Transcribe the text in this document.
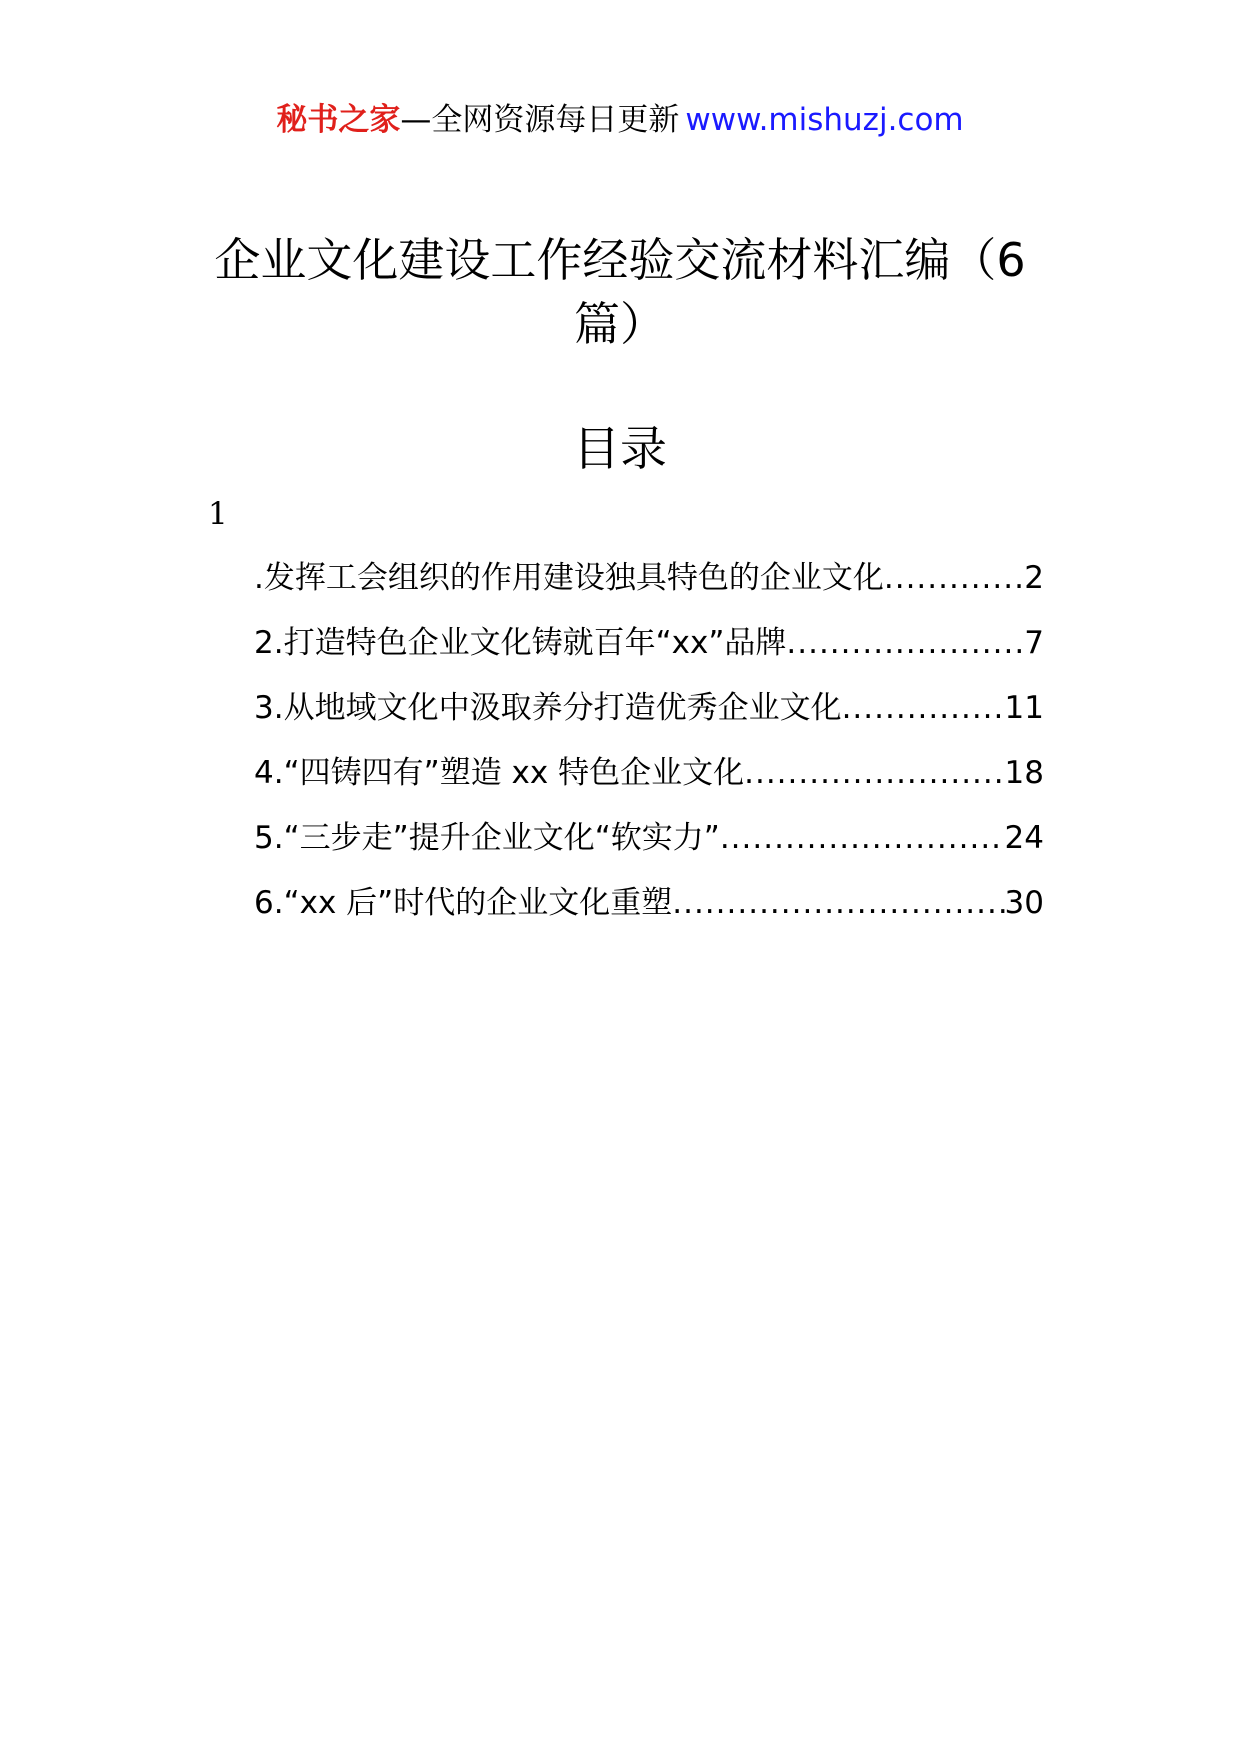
秘书之家—全网资源每日更新 www.mishuzj.com
企业文化建设工作经验交流材料汇编（6篇）
目录
1
.发挥工会组织的作用建设独具特色的企业文化 .....	2
2.打造特色企业文化铸就百年“xx”品牌 .....	7
3.从地域文化中汲取养分打造优秀企业文化 .....	11
4.“四铸四有”塑造 xx 特色企业文化 .....	18
5.“三步走”提升企业文化“软实力” .....	24
6.“xx 后”时代的企业文化重塑 .....	30
